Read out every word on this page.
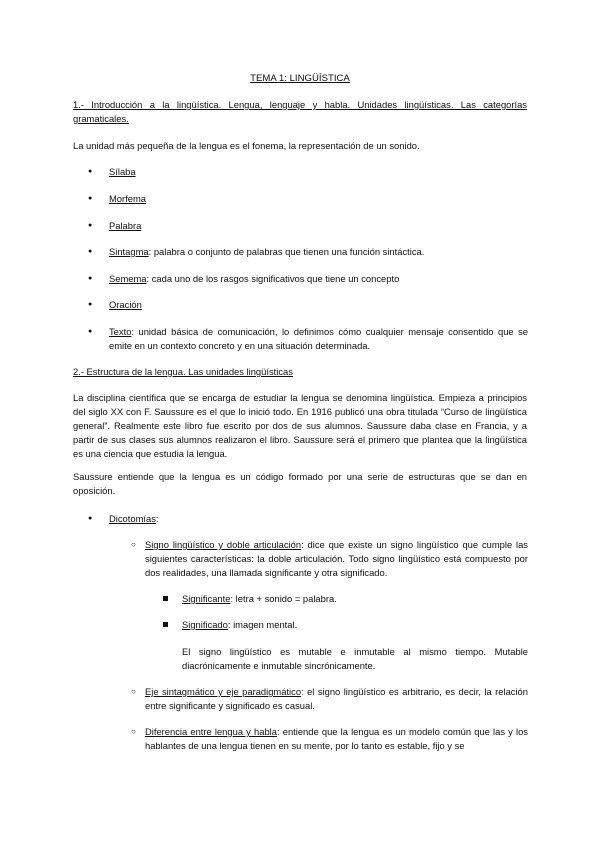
TEMA 1: LINGÜÍSTICA
1.- Introducción a la lingüística. Lengua, lenguaje y habla. Unidades lingüísticas. Las categorías gramaticales.
La unidad más pequeña de la lengua es el fonema, la representación de un sonido.
● Sílaba
● Morfema
● Palabra
● Sintagma: palabra o conjunto de palabras que tienen una función sintáctica.
● Semema: cada uno de los rasgos significativos que tiene un concepto
● Oración
● Texto: unidad básica de comunicación, lo definimos cómo cualquier mensaje consentido que se emite en un contexto concreto y en una situación determinada.
2.- Estructura de la lengua. Las unidades lingüísticas
La disciplina científica que se encarga de estudiar la lengua se denomina lingüística. Empieza a principios del siglo XX con F. Saussure es el que lo inició todo. En 1916 publicó una obra titulada “Curso de lingüística general”. Realmente este libro fue escrito por dos de sus alumnos. Saussure daba clase en Francia, y a partir de sus clases sus alumnos realizaron el libro. Saussure será el primero que plantea que la lingüística es una ciencia que estudia la lengua.
Saussure entiende que la lengua es un código formado por una serie de estructuras que se dan en oposición.
● Dicotomías:
○ Signo lingüístico y doble articulación: dice que existe un signo lingüístico que cumple las siguientes características: la doble articulación. Todo signo lingüístico está compuesto por dos realidades, una llamada significante y otra significado.
Significante: letra + sonido = palabra.
Significado: imagen mental.
El signo lingüístico es mutable e inmutable al mismo tiempo. Mutable diacrónicamente e inmutable sincrónicamente.
○ Eje sintagmático y eje paradigmático: el signo lingüístico es arbitrario, es decir, la relación entre significante y significado es casual.
○ Diferencia entre lengua y habla: entiende que la lengua es un modelo común que las y los hablantes de una lengua tienen en su mente, por lo tanto es estable, fijo y se
